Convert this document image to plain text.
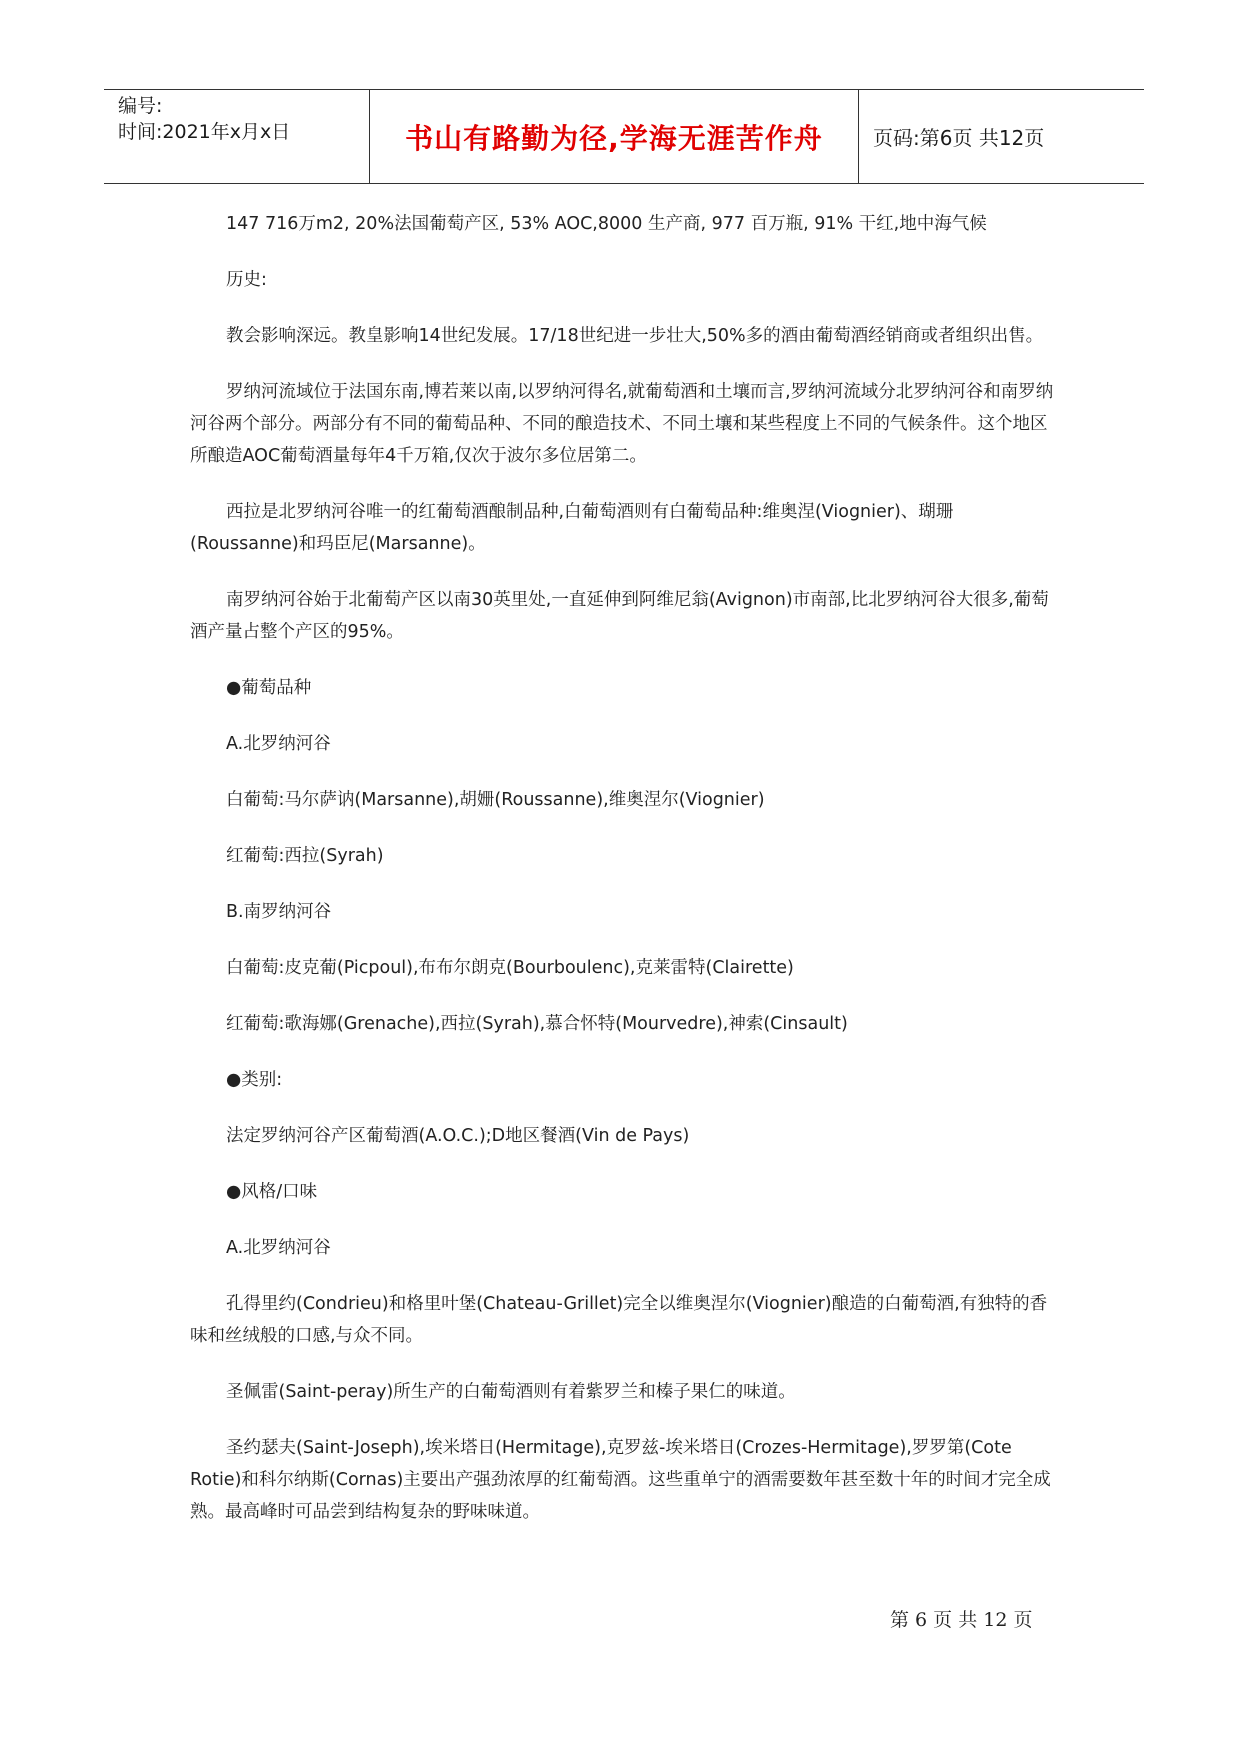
编号:
时间:2021年x月x日	书山有路勤为径,学海无涯苦作舟	页码:第6页 共12页

147 716万m2, 20%法国葡萄产区, 53% AOC,8000 生产商, 977 百万瓶, 91% 干红,地中海气候

历史:

教会影响深远。教皇影响14世纪发展。17/18世纪进一步壮大,50%多的酒由葡萄酒经销商或者组织出售。

罗纳河流域位于法国东南,博若莱以南,以罗纳河得名,就葡萄酒和土壤而言,罗纳河流域分北罗纳河谷和南罗纳河谷两个部分。两部分有不同的葡萄品种、不同的酿造技术、不同土壤和某些程度上不同的气候条件。这个地区所酿造AOC葡萄酒量每年4千万箱,仅次于波尔多位居第二。

西拉是北罗纳河谷唯一的红葡萄酒酿制品种,白葡萄酒则有白葡萄品种:维奥涅(Viognier)、瑚珊(Roussanne)和玛臣尼(Marsanne)。

南罗纳河谷始于北葡萄产区以南30英里处,一直延伸到阿维尼翁(Avignon)市南部,比北罗纳河谷大很多,葡萄酒产量占整个产区的95%。

●葡萄品种

A.北罗纳河谷

白葡萄:马尔萨讷(Marsanne),胡姗(Roussanne),维奥涅尔(Viognier)

红葡萄:西拉(Syrah)

B.南罗纳河谷

白葡萄:皮克葡(Picpoul),布布尔朗克(Bourboulenc),克莱雷特(Clairette)

红葡萄:歌海娜(Grenache),西拉(Syrah),慕合怀特(Mourvedre),神索(Cinsault)

●类别:

法定罗纳河谷产区葡萄酒(A.O.C.);D地区餐酒(Vin de Pays)

●风格/口味

A.北罗纳河谷

孔得里约(Condrieu)和格里叶堡(Chateau-Grillet)完全以维奥涅尔(Viognier)酿造的白葡萄酒,有独特的香味和丝绒般的口感,与众不同。

圣佩雷(Saint-peray)所生产的白葡萄酒则有着紫罗兰和榛子果仁的味道。

圣约瑟夫(Saint-Joseph),埃米塔日(Hermitage),克罗兹-埃米塔日(Crozes-Hermitage),罗罗第(Cote Rotie)和科尔纳斯(Cornas)主要出产强劲浓厚的红葡萄酒。这些重单宁的酒需要数年甚至数十年的时间才完全成熟。最高峰时可品尝到结构复杂的野味味道。

第 6 页 共 12 页
